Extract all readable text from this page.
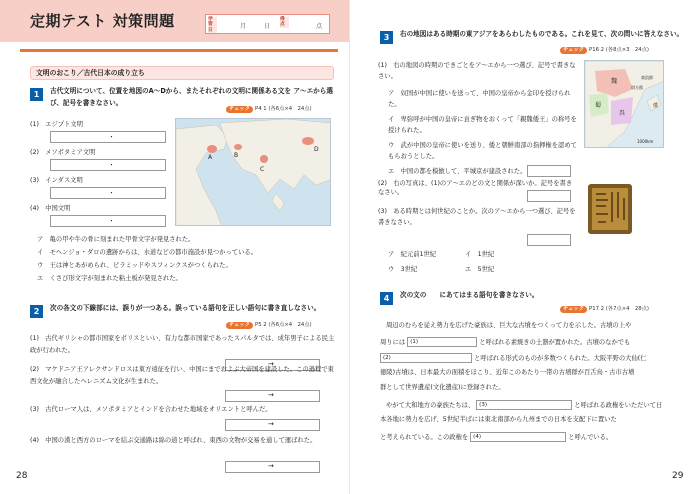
定期テスト 対策問題	学習日
月	日
得点	点
文明のおこり／古代日本の成り立ち
1	古代文明について、位置を地図のA～Dから、またそれぞれの文明に関係ある文を ア～エから選び、記号を書きなさい。
チェック P4 1 (各6点×4　24点)
(1)　エジプト文明
・
(2)　メソポタミア文明
・
(3)　インダス文明
・
(4)　中国文明
・
A	B
C
D
ア　亀の甲や牛の骨に刻まれた甲骨文字が発見された。
イ　モヘンジョ・ダロの遺跡からは、水道などの都市施設が見つかっている。
ウ　王は神とあがめられ、ピラミッドやスフィンクスがつくられた。
エ　くさび形文字が刻まれた粘土板が発見された。
2	次の各文の下線部には、誤りが一つある。誤っている語句を正しい語句に書き直しなさい。
チェック P5 2 (各6点×4　24点)
(1)　古代ギリシャの都市国家をポリスといい、有力な都市国家であったスパルタでは、成年男子による民主政が行われた。
→
(2)　マケドニア王アレクサンドロスは東方遠征を行い、中国にまでおよぶ大帝国を建設した。この過程で東西文化が融合したヘレニズム文化が生まれた。
→
(3)　古代ローマ人は、メソポタミアとインドを合わせた地域をオリエントと呼んだ。
→
(4)　中国の漢と西方のローマを結ぶ交通路は綿の道と呼ばれ、東西の文物が交易を通して運ばれた。
→
28
3	右の地図はある時期の東アジアをあらわしたものである。これを見て、次の問いに答えなさい。
チェック P16 2 (各8点×3　24点)
(1)　右の地図の時期のできごとをア～エから一つ選び、記号で書きなさい。
ア　奴国が中国に使いを送って、中国の皇帝から金印を授けられた。
イ　卑弥呼が中国の皇帝に貢ぎ物をおくって「親魏倭王」の称号を授けられた。
ウ　武が中国の皇帝に使いを送り、倭と朝鮮南部の指揮権を認めてもらおうとした。
エ　中国の都を模倣して、平城京が建設された。
魏
蜀
呉
帯方郡
楽浪郡
倭
1000km
(2)　右の写真は、(1)のア～エのどの文と関係が深いか。記号を書きなさい。
(3)　ある時期とは何世紀のことか。次のア～エから一つ選び、記号を書きなさい。
ア　紀元前1世紀	イ　1世紀
ウ　3世紀	エ　5世紀
4	次の文の　　にあてはまる語句を書きなさい。
チェック P17 2 (各7点×4　28点)
周辺のむらを従え勢力を広げた豪族は、巨大な古墳をつくって力を示した。古墳の上や
周りには (1)	と呼ばれる素焼きの土器が置かれた。古墳のなかでも
(2)	と呼ばれる形式のものが多数つくられた。大阪平野の大仙(仁
徳陵)古墳は、日本最大の面積をほこり、近年このあたり一帯の古墳群が百舌鳥・古市古墳
群として世界遺産(文化遺産)に登録された。
やがて大和地方の豪族たちは、 (3)	と呼ばれる政権をいただいて日
本各地に勢力を広げ、5世紀半ばには東北南部から九州までの日本を支配下に置いた
と考えられている。この政権を (4)	と呼んでいる。
29
